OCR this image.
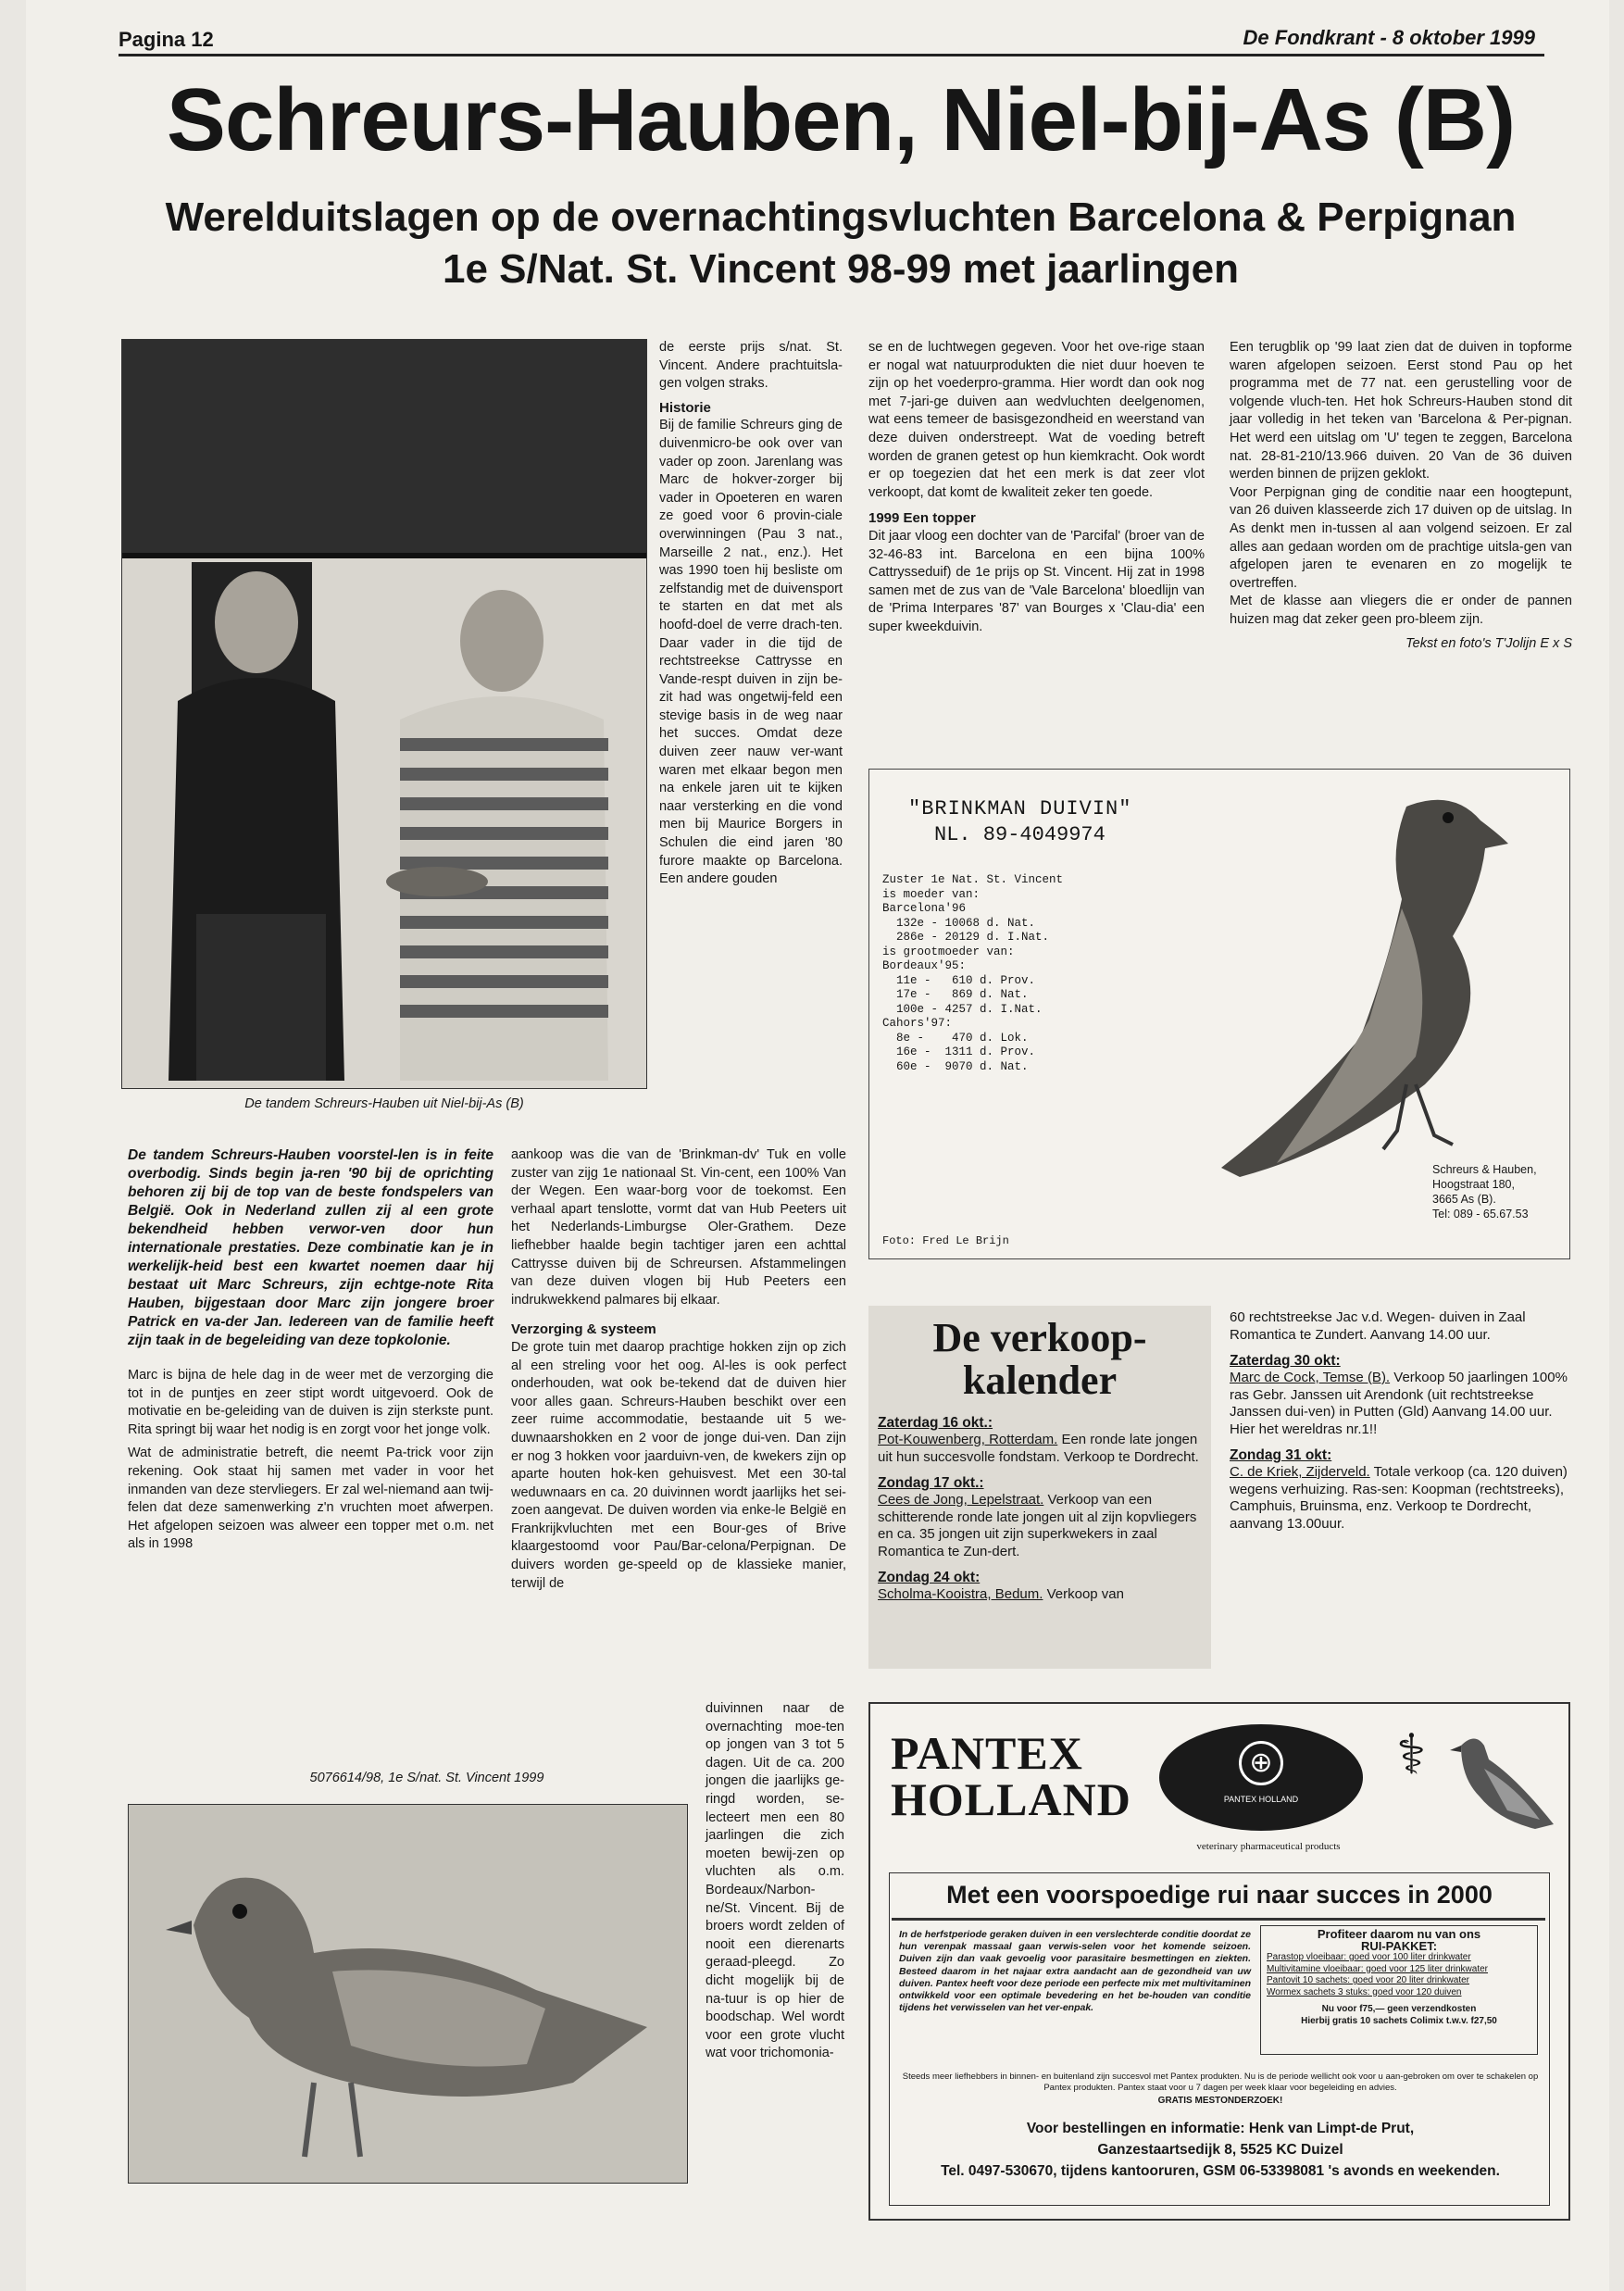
Pagina 12	De Fondkrant - 8 oktober 1999
Schreurs-Hauben, Niel-bij-As (B)
Werelduitslagen op de overnachtingsvluchten Barcelona & Perpignan
1e S/Nat. St. Vincent 98-99 met jaarlingen
De tandem Schreurs-Hauben uit Niel-bij-As (B)

de eerste prijs s/nat. St. Vincent. Andere prachtuitsla-gen volgen straks.

Historie

Bij de familie Schreurs ging de duivenmicro-be ook over van vader op zoon. Jarenlang was Marc de hokver-zorger bij vader in Opoeteren en waren ze goed voor 6 provin-ciale overwinningen (Pau 3 nat., Marseille 2 nat., enz.). Het was 1990 toen hij besliste om zelfstandig met de duivensport te starten en dat met als hoofd-doel de verre drach-ten. Daar vader in die tijd de rechtstreekse Cattrysse en Vande-respt duiven in zijn be-zit had was ongetwij-feld een stevige basis in de weg naar het succes. Omdat deze duiven zeer nauw ver-want waren met elkaar begon men na enkele jaren uit te kijken naar versterking en die vond men bij Maurice Borgers in Schulen die eind jaren '80 furore maakte op Barcelona. Een andere gouden

De tandem Schreurs-Hauben voorstel-len is in feite overbodig. Sinds begin ja-ren '90 bij de oprichting behoren zij bij de top van de beste fondspelers van België. Ook in Nederland zullen zij al een grote bekendheid hebben verwor-ven door hun internationale prestaties. Deze combinatie kan je in werkelijk-heid best een kwartet noemen daar hij bestaat uit Marc Schreurs, zijn echtge-note Rita Hauben, bijgestaan door Marc zijn jongere broer Patrick en va-der Jan. Iedereen van de familie heeft zijn taak in de begeleiding van deze topkolonie.

Marc is bijna de hele dag in de weer met de verzorging die tot in de puntjes en zeer stipt wordt uitgevoerd. Ook de motivatie en be-geleiding van de duiven is zijn sterkste punt. Rita springt bij waar het nodig is en zorgt voor het jonge volk.

Wat de administratie betreft, die neemt Pa-trick voor zijn rekening. Ook staat hij samen met vader in voor het inmanden van deze stervliegers. Er zal wel-niemand aan twij-felen dat deze samenwerking z'n vruchten moet afwerpen. Het afgelopen seizoen was alweer een topper met o.m. net als in 1998

aankoop was die van de 'Brinkman-dv' Tuk en volle zuster van zijg 1e nationaal St. Vin-cent, een 100% Van der Wegen. Een waar-borg voor de toekomst. Een verhaal apart tenslotte, vormt dat van Hub Peeters uit het Nederlands-Limburgse Oler-Grathem. Deze liefhebber haalde begin tachtiger jaren een achttal Cattrysse duiven bij de Schreursen. Afstammelingen van deze duiven vlogen bij Hub Peeters een indrukwekkend palmares bij elkaar.

Verzorging & systeem

De grote tuin met daarop prachtige hokken zijn op zich al een streling voor het oog. Al-les is ook perfect onderhouden, wat ook be-tekend dat de duiven hier voor alles gaan. Schreurs-Hauben beschikt over een zeer ruime accommodatie, bestaande uit 5 we-duwnaarshokken en 2 voor de jonge dui-ven. Dan zijn er nog 3 hokken voor jaarduivn-ven, de kwekers zijn op aparte houten hok-ken gehuisvest. Met een 30-tal weduwnaars en ca. 20 duivinnen wordt jaarlijks het sei-zoen aangevat. De duiven worden via enke-le België en Frankrijkvluchten met een Bour-ges of Brive klaargestoomd voor Pau/Bar-celona/Perpignan. De duivers worden ge-speeld op de klassieke manier, terwijl de

duivinnen naar de overnachting moe-ten op jongen van 3 tot 5 dagen. Uit de ca. 200 jongen die jaarlijks ge-ringd worden, se-lecteert men een 80 jaarlingen die zich moeten bewij-zen op vluchten als o.m. Bordeaux/Narbon-ne/St. Vincent. Bij de broers wordt zelden of nooit een dierenarts geraad-pleegd. Zo dicht mogelijk bij de na-tuur is op hier de boodschap. Wel wordt voor een grote vlucht wat voor trichomonia-

5076614/98, 1e S/nat. St. Vincent 1999

se en de luchtwegen gegeven. Voor het ove-rige staan er nogal wat natuurprodukten die niet duur hoeven te zijn op het voederpro-gramma. Hier wordt dan ook nog met 7-jari-ge duiven aan wedvluchten deelgenomen, wat eens temeer de basisgezondheid en weerstand van deze duiven onderstreept. Wat de voeding betreft worden de granen getest op hun kiemkracht. Ook wordt er op toegezien dat het een merk is dat zeer vlot verkoopt, dat komt de kwaliteit zeker ten goede.

1999 Een topper

Dit jaar vloog een dochter van de 'Parcifal' (broer van de 32-46-83 int. Barcelona en een bijna 100% Cattrysseduif) de 1e prijs op St. Vincent. Hij zat in 1998 samen met de zus van de 'Vale Barcelona' bloedlijn van de 'Prima Interpares '87' van Bourges x 'Clau-dia' een super kweekduivin.

Een terugblik op '99 laat zien dat de duiven in topforme waren afgelopen seizoen. Eerst stond Pau op het programma met de 77 nat. een gerustelling voor de volgende vluch-ten. Het hok Schreurs-Hauben stond dit jaar volledig in het teken van 'Barcelona & Per-pignan. Het werd een uitslag om 'U' tegen te zeggen, Barcelona nat. 28-81-210/13.966 duiven. 20 Van de 36 duiven werden binnen de prijzen geklokt.

Voor Perpignan ging de conditie naar een hoogtepunt, van 26 duiven klasseerde zich 17 duiven op de uitslag. In As denkt men in-tussen al aan volgend seizoen. Er zal alles aan gedaan worden om de prachtige uitsla-gen van afgelopen jaren te evenaren en zo mogelijk te overtreffen.

Met de klasse aan vliegers die er onder de pannen huizen mag dat zeker geen pro-bleem zijn.

Tekst en foto's T'Jolijn E x S

"BRINKMAN DUIVIN"
NL. 89-4049974
Zuster 1e Nat. St. Vincent
is moeder van:
Barcelona'96
132e - 10068 d. Nat.
286e - 20129 d. I.Nat.
is grootmoeder van:
Bordeaux'95:
11e -   610 d. Prov.
17e -   869 d. Nat.
100e - 4257 d. I.Nat.
Cahors'97:
8e -    470 d. Lok.
16e -  1311 d. Prov.
60e -  9070 d. Nat.
Schreurs & Hauben,
Hoogstraat 180,
3665 As (B).
Tel: 089 - 65.67.53
Foto: Fred Le Brijn
De verkoop-kalender
Zaterdag 16 okt.:
Pot-Kouwenberg, Rotterdam. Een ronde late jongen uit hun succesvolle fondstam. Verkoop te Dordrecht.
Zondag 17 okt.:
Cees de Jong, Lepelstraat. Verkoop van een schitterende ronde late jongen uit al zijn kopvliegers en ca. 35 jongen uit zijn superkwekers in zaal Romantica te Zun-dert.
Zondag 24 okt:
Scholma-Kooistra, Bedum. Verkoop van
60 rechtstreekse Jac v.d. Wegen- duiven in Zaal Romantica te Zundert. Aanvang 14.00 uur.
Zaterdag 30 okt:
Marc de Cock, Temse (B). Verkoop 50 jaarlingen 100% ras Gebr. Janssen uit Arendonk (uit rechtstreekse Janssen dui-ven) in Putten (Gld) Aanvang 14.00 uur. Hier het wereldras nr.1!!
Zondag 31 okt:
C. de Kriek, Zijderveld. Totale verkoop (ca. 120 duiven) wegens verhuizing. Ras-sen: Koopman (rechtstreeks), Camphuis, Bruinsma, enz. Verkoop te Dordrecht, aanvang 13.00uur.
PANTEX
HOLLAND
⊕
PANTEX HOLLAND
veterinary pharmaceutical products
⚕
Met een voorspoedige rui naar succes in 2000
In de herfstperiode geraken duiven in een verslechterde conditie doordat ze hun verenpak massaal gaan verwis-selen voor het komende seizoen. Duiven zijn dan vaak gevoelig voor parasitaire besmettingen en ziekten. Besteed daarom in het najaar extra aandacht aan de gezondheid van uw duiven. Pantex heeft voor deze periode een perfecte mix met multivitaminen ontwikkeld voor een optimale bevedering en het be-houden van conditie tijdens het verwisselen van het ver-enpak.
Profiteer daarom nu van ons
RUI-PAKKET:
Parastop vloeibaar: goed voor 100 liter drinkwater
Multivitamine vloeibaar: goed voor 125 liter drinkwater
Pantovit 10 sachets: goed voor 20 liter drinkwater
Wormex sachets 3 stuks: goed voor 120 duiven
Nu voor f75,— geen verzendkosten
Hierbij gratis 10 sachets Colimix t.w.v. f27,50
Steeds meer liefhebbers in binnen- en buitenland zijn succesvol met Pantex produkten. Nu is de periode wellicht ook voor u aan-gebroken om over te schakelen op Pantex produkten. Pantex staat voor u 7 dagen per week klaar voor begeleiding en advies.
GRATIS MESTONDERZOEK!
Voor bestellingen en informatie: Henk van Limpt-de Prut,
Ganzestaartsedijk 8, 5525 KC Duizel
Tel. 0497-530670, tijdens kantooruren, GSM 06-53398081 's avonds en weekenden.
